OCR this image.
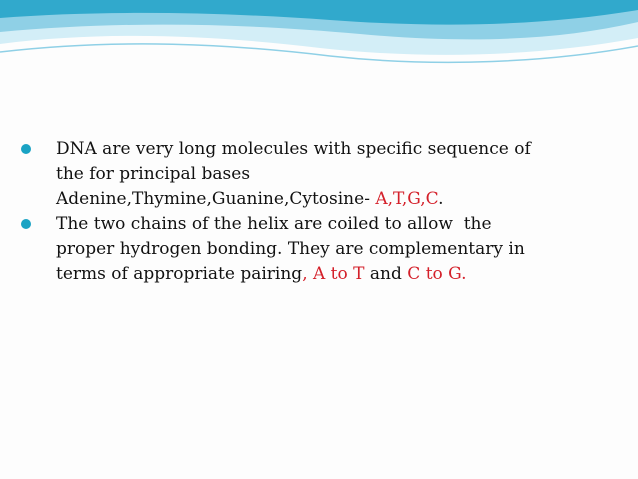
DNA are very long molecules with specific sequence of
the for principal bases
Adenine,Thymine,Guanine,Cytosine- A,T,G,C.
The two chains of the helix are coiled to allow  the
proper hydrogen bonding. They are complementary in
terms of appropriate pairing, A to T and C to G.
